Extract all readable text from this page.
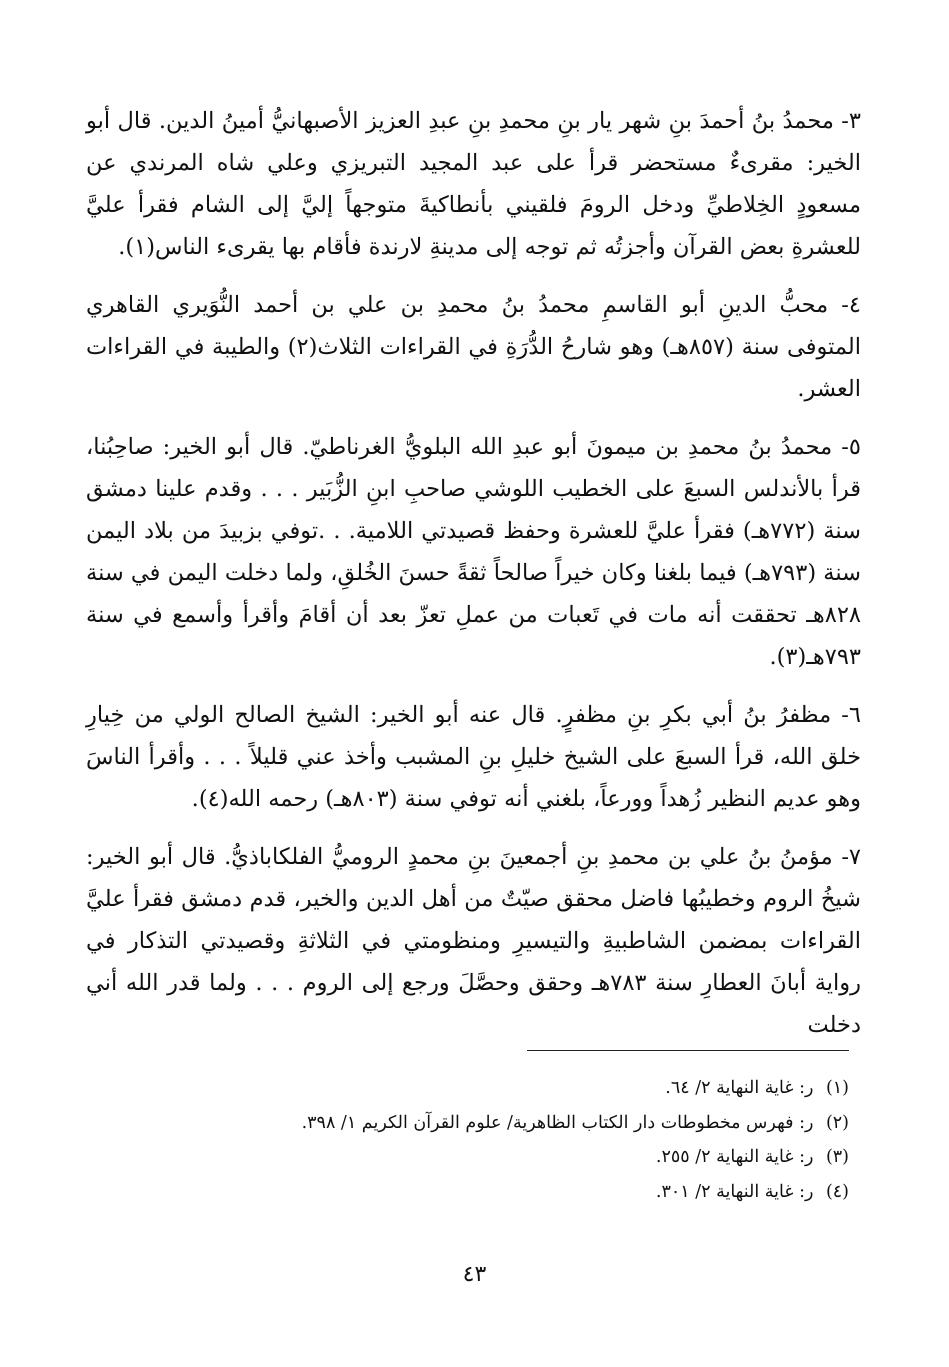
٣- محمدُ بنُ أحمدَ بنِ شهر يار بنِ محمدِ بنِ عبدِ العزيز الأصبهانيُّ أمينُ الدين. قال أبو الخير: مقرىءٌ مستحضر قرأ على عبد المجيد التبريزي وعلي شاه المرندي عن مسعودٍ الخِلاطيِّ ودخل الرومَ فلقيني بأنطاكيةَ متوجهاً إليَّ إلى الشام فقرأ عليَّ للعشرةِ بعض القرآن وأجزتُه ثم توجه إلى مدينةِ لارندة فأقام بها يقرىء الناس(١).

٤- محبُّ الدينِ أبو القاسمِ محمدُ بنُ محمدِ بن علي بن أحمد النُّوَيري القاهري المتوفى سنة (٨٥٧هـ) وهو شارحُ الدُّرَةِ في القراءات الثلاث(٢) والطيبة في القراءات العشر.

٥- محمدُ بنُ محمدِ بن ميمونَ أبو عبدِ الله البلويُّ الغرناطيّ. قال أبو الخير: صاحِبُنا، قرأ بالأندلس السبعَ على الخطيب اللوشي صاحبِ ابنِ الزُّبَير . . . وقدم علينا دمشق سنة (٧٧٢هـ) فقرأ عليَّ للعشرة وحفظ قصيدتي اللامية. . .توفي بزبيدَ من بلاد اليمن سنة (٧٩٣هـ) فيما بلغنا وكان خيراً صالحاً ثقةً حسنَ الخُلقِ، ولما دخلت اليمن في سنة ٨٢٨هـ تحققت أنه مات في تَعبات من عملِ تعزّ بعد أن أقامَ وأقرأ وأسمع في سنة ٧٩٣هـ(٣).

٦- مظفرُ بنُ أبي بكرِ بنِ مظفرٍ. قال عنه أبو الخير: الشيخ الصالح الولي من خِيارِ خلق الله، قرأ السبعَ على الشيخ خليلِ بنِ المشبب وأخذ عني قليلاً . . . وأقرأ الناسَ وهو عديم النظير زُهداً وورعاً، بلغني أنه توفي سنة (٨٠٣هـ) رحمه الله(٤).

٧- مؤمنُ بنُ علي بن محمدِ بنِ أجمعينَ بنِ محمدٍ الروميُّ الفلكاباذيُّ. قال أبو الخير: شيخُ الروم وخطيبُها فاضل محقق صيّتٌ من أهل الدين والخير، قدم دمشق فقرأ عليَّ القراءات بمضمن الشاطبيةِ والتيسيرِ ومنظومتي في الثلاثةِ وقصيدتي التذكار في رواية أبانَ العطارِ سنة ٧٨٣هـ وحقق وحصَّلَ ورجع إلى الروم . . . ولما قدر الله أني دخلت

(١) ر: غاية النهاية ٢/ ٦٤.
(٢) ر: فهرس مخطوطات دار الكتاب الظاهرية/ علوم القرآن الكريم ١/ ٣٩٨.
(٣) ر: غاية النهاية ٢/ ٢٥٥.
(٤) ر: غاية النهاية ٢/ ٣٠١.
٤٣
